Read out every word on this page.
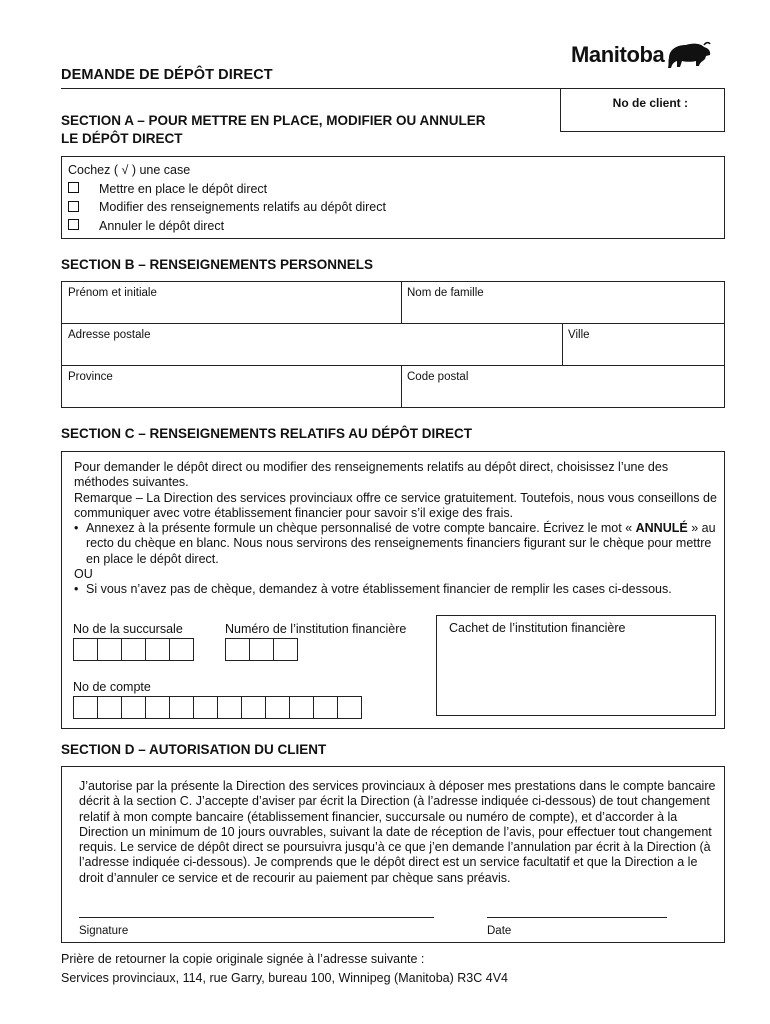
DEMANDE DE DÉPÔT DIRECT
Manitoba
No de client :
SECTION A – POUR METTRE EN PLACE, MODIFIER OU ANNULER
LE DÉPÔT DIRECT
Cochez ( √ ) une case
Mettre en place le dépôt direct
Modifier des renseignements relatifs au dépôt direct
Annuler le dépôt direct
SECTION B – RENSEIGNEMENTS PERSONNELS
Prénom et initiale	Nom de famille
Adresse postale	Ville
Province	Code postal
SECTION C – RENSEIGNEMENTS RELATIFS AU DÉPÔT DIRECT
Pour demander le dépôt direct ou modifier des renseignements relatifs au dépôt direct, choisissez l’une des méthodes suivantes.
Remarque – La Direction des services provinciaux offre ce service gratuitement. Toutefois, nous vous conseillons de communiquer avec votre établissement financier pour savoir s’il exige des frais.
• Annexez à la présente formule un chèque personnalisé de votre compte bancaire. Écrivez le mot « ANNULÉ » au recto du chèque en blanc. Nous nous servirons des renseignements financiers figurant sur le chèque pour mettre en place le dépôt direct.
OU
• Si vous n’avez pas de chèque, demandez à votre établissement financier de remplir les cases ci-dessous.
No de la succursale	Numéro de l’institution financière	Cachet de l’institution financière
No de compte
SECTION D – AUTORISATION DU CLIENT
J’autorise par la présente la Direction des services provinciaux à déposer mes prestations dans le compte bancaire décrit à la section C. J’accepte d’aviser par écrit la Direction (à l’adresse indiquée ci-dessous) de tout changement relatif à mon compte bancaire (établissement financier, succursale ou numéro de compte), et d’accorder à la Direction un minimum de 10 jours ouvrables, suivant la date de réception de l’avis, pour effectuer tout changement requis. Le service de dépôt direct se poursuivra jusqu’à ce que j’en demande l’annulation par écrit à la Direction (à l’adresse indiquée ci-dessous). Je comprends que le dépôt direct est un service facultatif et que la Direction a le droit d’annuler ce service et de recourir au paiement par chèque sans préavis.
Signature	Date
Prière de retourner la copie originale signée à l’adresse suivante :
Services provinciaux, 114, rue Garry, bureau 100, Winnipeg (Manitoba) R3C 4V4
